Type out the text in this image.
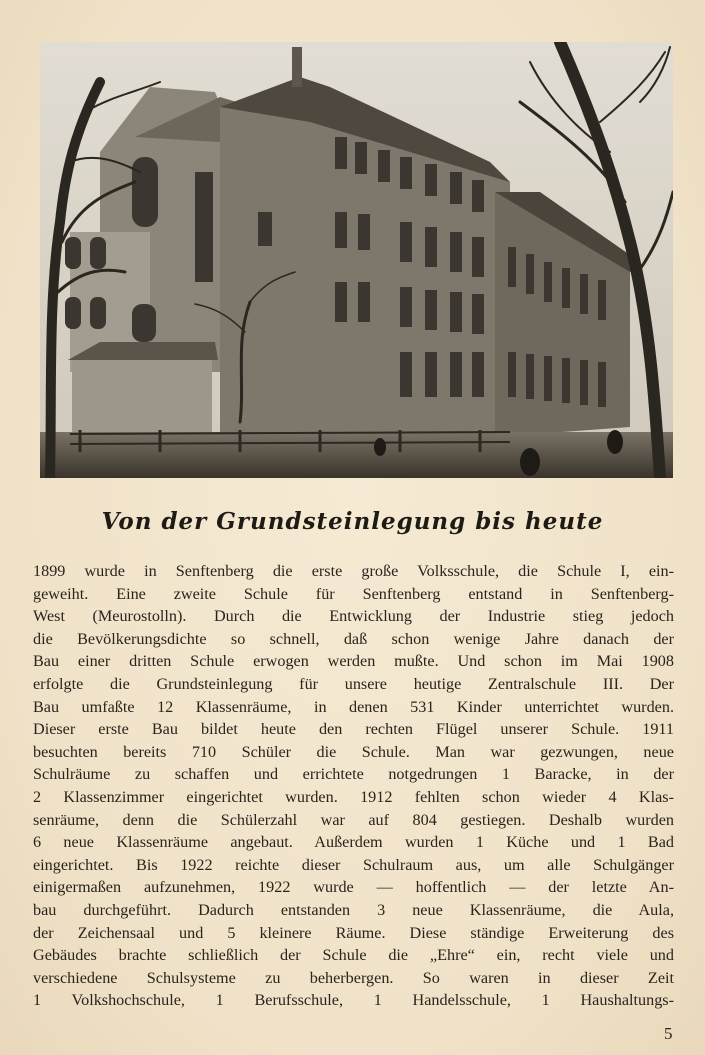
Von der Grundsteinlegung bis heute
1899 wurde in Senftenberg die erste große Volksschule, die Schule I, ein-
geweiht. Eine zweite Schule für Senftenberg entstand in Senftenberg-
West (Meurostolln). Durch die Entwicklung der Industrie stieg jedoch
die Bevölkerungsdichte so schnell, daß schon wenige Jahre danach der
Bau einer dritten Schule erwogen werden mußte. Und schon im Mai 1908
erfolgte die Grundsteinlegung für unsere heutige Zentralschule III. Der
Bau umfaßte 12 Klassenräume, in denen 531 Kinder unterrichtet wurden.
Dieser erste Bau bildet heute den rechten Flügel unserer Schule. 1911
besuchten bereits 710 Schüler die Schule. Man war gezwungen, neue
Schulräume zu schaffen und errichtete notgedrungen 1 Baracke, in der
2 Klassenzimmer eingerichtet wurden. 1912 fehlten schon wieder 4 Klas-
senräume, denn die Schülerzahl war auf 804 gestiegen. Deshalb wurden
6 neue Klassenräume angebaut. Außerdem wurden 1 Küche und 1 Bad
eingerichtet. Bis 1922 reichte dieser Schulraum aus, um alle Schulgänger
einigermaßen aufzunehmen, 1922 wurde — hoffentlich — der letzte An-
bau durchgeführt. Dadurch entstanden 3 neue Klassenräume, die Aula,
der Zeichensaal und 5 kleinere Räume. Diese ständige Erweiterung des
Gebäudes brachte schließlich der Schule die „Ehre“ ein, recht viele und
verschiedene Schulsysteme zu beherbergen. So waren in dieser Zeit
1 Volkshochschule, 1 Berufsschule, 1 Handelsschule, 1 Haushaltungs-
5
